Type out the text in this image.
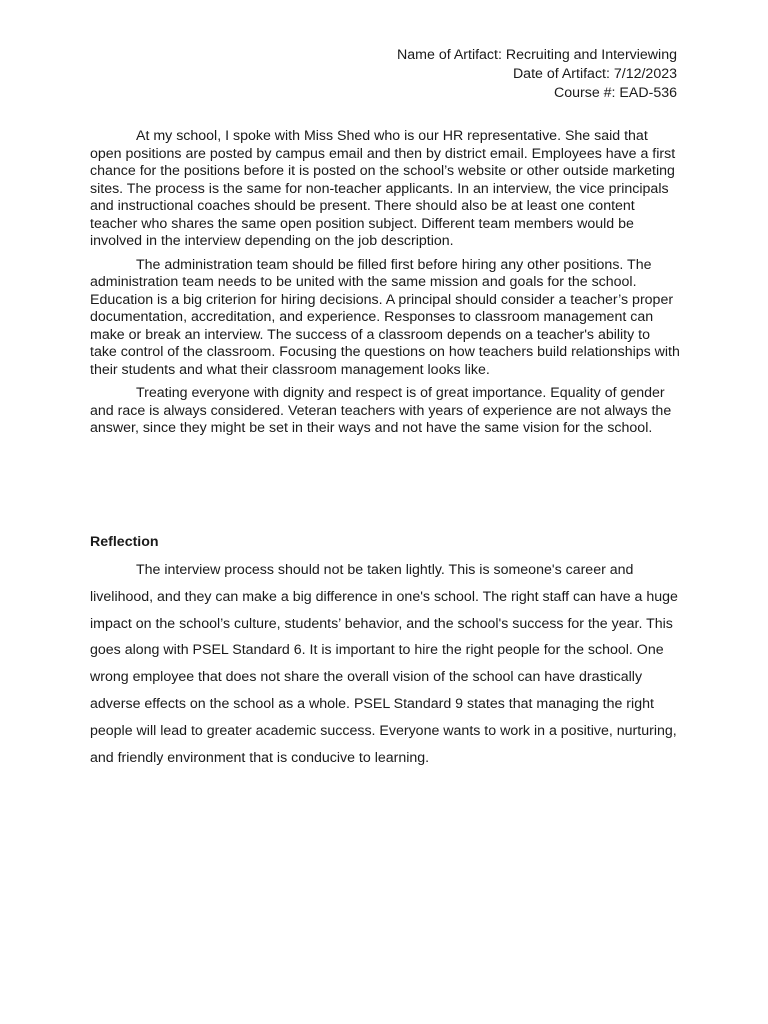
Name of Artifact: Recruiting and Interviewing
Date of Artifact: 7/12/2023
Course #: EAD-536

At my school, I spoke with Miss Shed who is our HR representative. She said that open positions are posted by campus email and then by district email. Employees have a first chance for the positions before it is posted on the school’s website or other outside marketing sites. The process is the same for non-teacher applicants. In an interview, the vice principals and instructional coaches should be present. There should also be at least one content teacher who shares the same open position subject. Different team members would be involved in the interview depending on the job description.

The administration team should be filled first before hiring any other positions. The administration team needs to be united with the same mission and goals for the school. Education is a big criterion for hiring decisions. A principal should consider a teacher’s proper documentation, accreditation, and experience. Responses to classroom management can make or break an interview. The success of a classroom depends on a teacher's ability to take control of the classroom. Focusing the questions on how teachers build relationships with their students and what their classroom management looks like.

Treating everyone with dignity and respect is of great importance. Equality of gender and race is always considered. Veteran teachers with years of experience are not always the answer, since they might be set in their ways and not have the same vision for the school.

Reflection

The interview process should not be taken lightly. This is someone's career and livelihood, and they can make a big difference in one's school. The right staff can have a huge impact on the school’s culture, students’ behavior, and the school's success for the year. This goes along with PSEL Standard 6. It is important to hire the right people for the school. One wrong employee that does not share the overall vision of the school can have drastically adverse effects on the school as a whole. PSEL Standard 9 states that managing the right people will lead to greater academic success. Everyone wants to work in a positive, nurturing, and friendly environment that is conducive to learning.
